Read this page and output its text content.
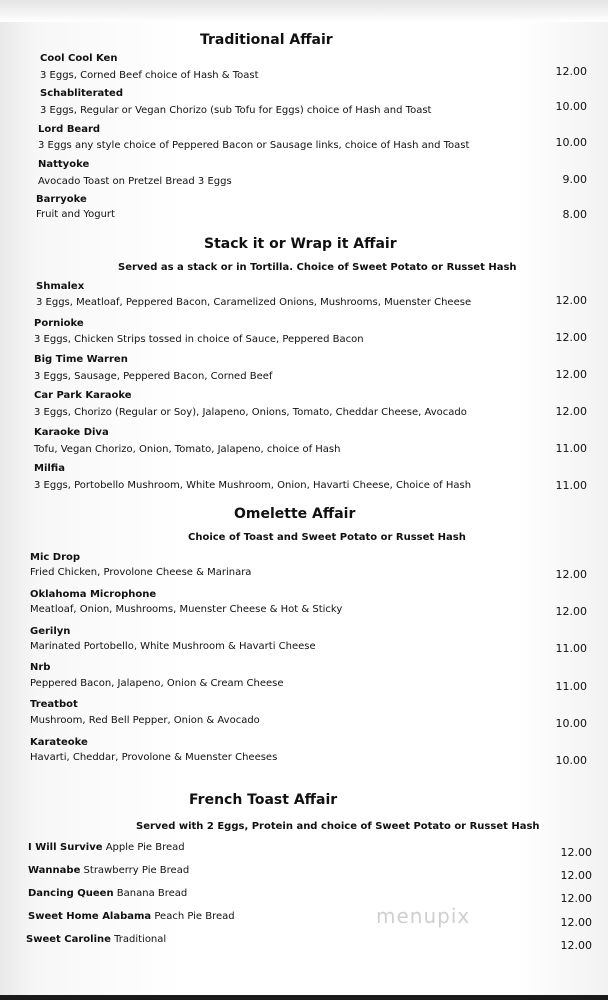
Traditional Affair
Cool Cool Ken
3 Eggs, Corned Beef choice of Hash & Toast	12.00
Schabliterated
3 Eggs, Regular or Vegan Chorizo (sub Tofu for Eggs) choice of Hash and Toast	10.00
Lord Beard
3 Eggs any style choice of Peppered Bacon or Sausage links, choice of Hash and Toast	10.00
Nattyoke
Avocado Toast on Pretzel Bread 3 Eggs	9.00
Barryoke
Fruit and Yogurt	8.00
Stack it or Wrap it Affair
Served as a stack or in Tortilla. Choice of Sweet Potato or Russet Hash
Shmalex
3 Eggs, Meatloaf, Peppered Bacon, Caramelized Onions, Mushrooms, Muenster Cheese	12.00
Pornioke
3 Eggs, Chicken Strips tossed in choice of Sauce, Peppered Bacon	12.00
Big Time Warren
3 Eggs, Sausage, Peppered Bacon, Corned Beef	12.00
Car Park Karaoke
3 Eggs, Chorizo (Regular or Soy), Jalapeno, Onions, Tomato, Cheddar Cheese, Avocado	12.00
Karaoke Diva
Tofu, Vegan Chorizo, Onion, Tomato, Jalapeno, choice of Hash	11.00
Milfia
3 Eggs, Portobello Mushroom, White Mushroom, Onion, Havarti Cheese, Choice of Hash	11.00
Omelette Affair
Choice of Toast and Sweet Potato or Russet Hash
Mic Drop
Fried Chicken, Provolone Cheese & Marinara	12.00
Oklahoma Microphone
Meatloaf, Onion, Mushrooms, Muenster Cheese & Hot & Sticky	12.00
Gerilyn
Marinated Portobello, White Mushroom & Havarti Cheese	11.00
Nrb
Peppered Bacon, Jalapeno, Onion & Cream Cheese	11.00
Treatbot
Mushroom, Red Bell Pepper, Onion & Avocado	10.00
Karateoke
Havarti, Cheddar, Provolone & Muenster Cheeses	10.00
French Toast Affair
Served with 2 Eggs, Protein and choice of Sweet Potato or Russet Hash
I Will Survive Apple Pie Bread	12.00
Wannabe Strawberry Pie Bread	12.00
Dancing Queen Banana Bread	12.00
Sweet Home Alabama Peach Pie Bread	12.00
Sweet Caroline Traditional	12.00
menupix
